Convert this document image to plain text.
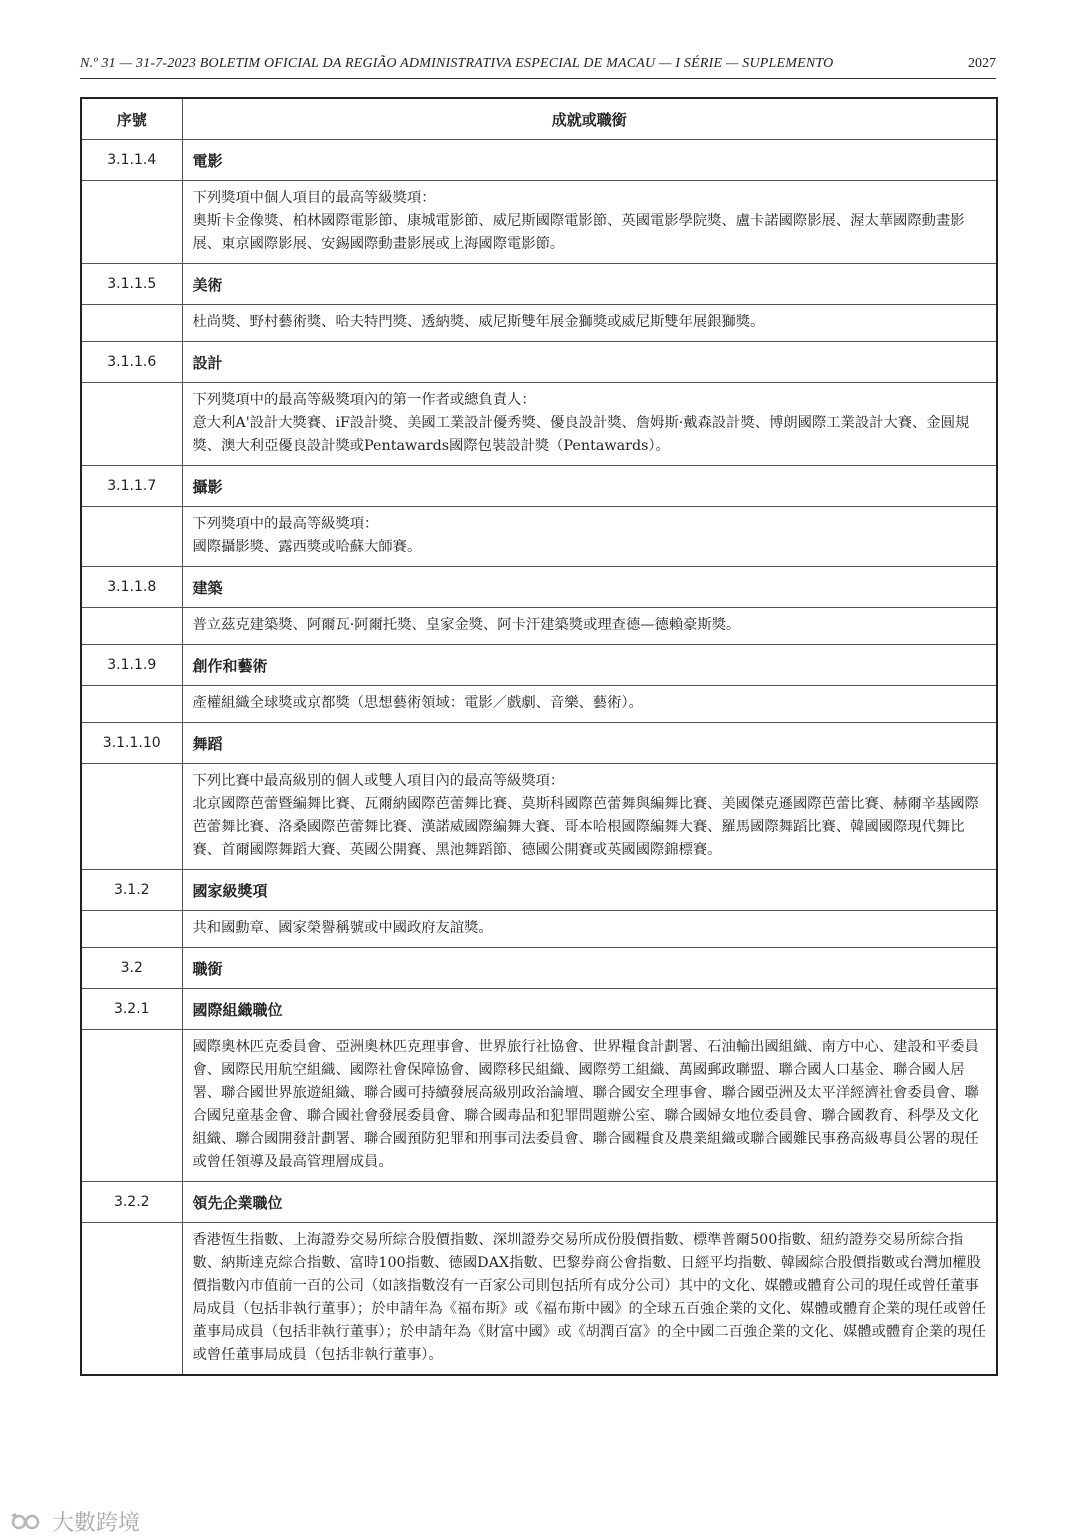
N.º 31 — 31-7-2023 BOLETIM OFICIAL DA REGIÃO ADMINISTRATIVA ESPECIAL DE MACAU — I SÉRIE — SUPLEMENTO	2027
序號	成就或職銜
3.1.1.4	電影

	下列獎項中個人項目的最高等級獎項：

奧斯卡金像獎、柏林國際電影節、康城電影節、威尼斯國際電影節、英國電影學院獎、盧卡諾國際影展、渥太華國際動畫影展、東京國際影展、安錫國際動畫影展或上海國際電影節。

3.1.1.5	美術

	杜尚獎、野村藝術獎、哈夫特門獎、透納獎、威尼斯雙年展金獅獎或威尼斯雙年展銀獅獎。

3.1.1.6	設計

	下列獎項中的最高等級獎項內的第一作者或總負責人：

意大利A'設計大獎賽、iF設計獎、美國工業設計優秀獎、優良設計獎、詹姆斯·戴森設計獎、博朗國際工業設計大賽、金圓規獎、澳大利亞優良設計獎或Pentawards國際包裝設計獎（Pentawards）。

3.1.1.7	攝影

	下列獎項中的最高等級獎項：

國際攝影獎、露西獎或哈蘇大師賽。

3.1.1.8	建築

	普立茲克建築獎、阿爾瓦·阿爾托獎、皇家金獎、阿卡汗建築獎或理查德—德賴豪斯獎。

3.1.1.9	創作和藝術

	產權組織全球獎或京都獎（思想藝術領域：電影／戲劇、音樂、藝術）。

3.1.1.10	舞蹈

	下列比賽中最高級別的個人或雙人項目內的最高等級獎項：

北京國際芭蕾暨編舞比賽、瓦爾納國際芭蕾舞比賽、莫斯科國際芭蕾舞與編舞比賽、美國傑克遜國際芭蕾比賽、赫爾辛基國際芭蕾舞比賽、洛桑國際芭蕾舞比賽、漢諾威國際編舞大賽、哥本哈根國際編舞大賽、羅馬國際舞蹈比賽、韓國國際現代舞比賽、首爾國際舞蹈大賽、英國公開賽、黑池舞蹈節、德國公開賽或英國國際錦標賽。

3.1.2	國家級獎項

	共和國勳章、國家榮譽稱號或中國政府友誼獎。

3.2	職銜
3.2.1	國際組織職位

	國際奧林匹克委員會、亞洲奧林匹克理事會、世界旅行社協會、世界糧食計劃署、石油輸出國組織、南方中心、建設和平委員會、國際民用航空組織、國際社會保障協會、國際移民組織、國際勞工組織、萬國郵政聯盟、聯合國人口基金、聯合國人居署、聯合國世界旅遊組織、聯合國可持續發展高級別政治論壇、聯合國安全理事會、聯合國亞洲及太平洋經濟社會委員會、聯合國兒童基金會、聯合國社會發展委員會、聯合國毒品和犯罪問題辦公室、聯合國婦女地位委員會、聯合國教育、科學及文化組織、聯合國開發計劃署、聯合國預防犯罪和刑事司法委員會、聯合國糧食及農業組織或聯合國難民事務高級專員公署的現任或曾任領導及最高管理層成員。

3.2.2	領先企業職位

	香港恆生指數、上海證券交易所綜合股價指數、深圳證券交易所成份股價指數、標準普爾500指數、紐約證券交易所綜合指數、納斯達克綜合指數、富時100指數、德國DAX指數、巴黎券商公會指數、日經平均指數、韓國綜合股價指數或台灣加權股價指數內市值前一百的公司（如該指數沒有一百家公司則包括所有成分公司）其中的文化、媒體或體育公司的現任或曾任董事局成員（包括非執行董事）；於申請年為《福布斯》或《福布斯中國》的全球五百強企業的文化、媒體或體育企業的現任或曾任董事局成員（包括非執行董事）；於申請年為《財富中國》或《胡潤百富》的全中國二百強企業的文化、媒體或體育企業的現任或曾任董事局成員（包括非執行董事）。

大數跨境
